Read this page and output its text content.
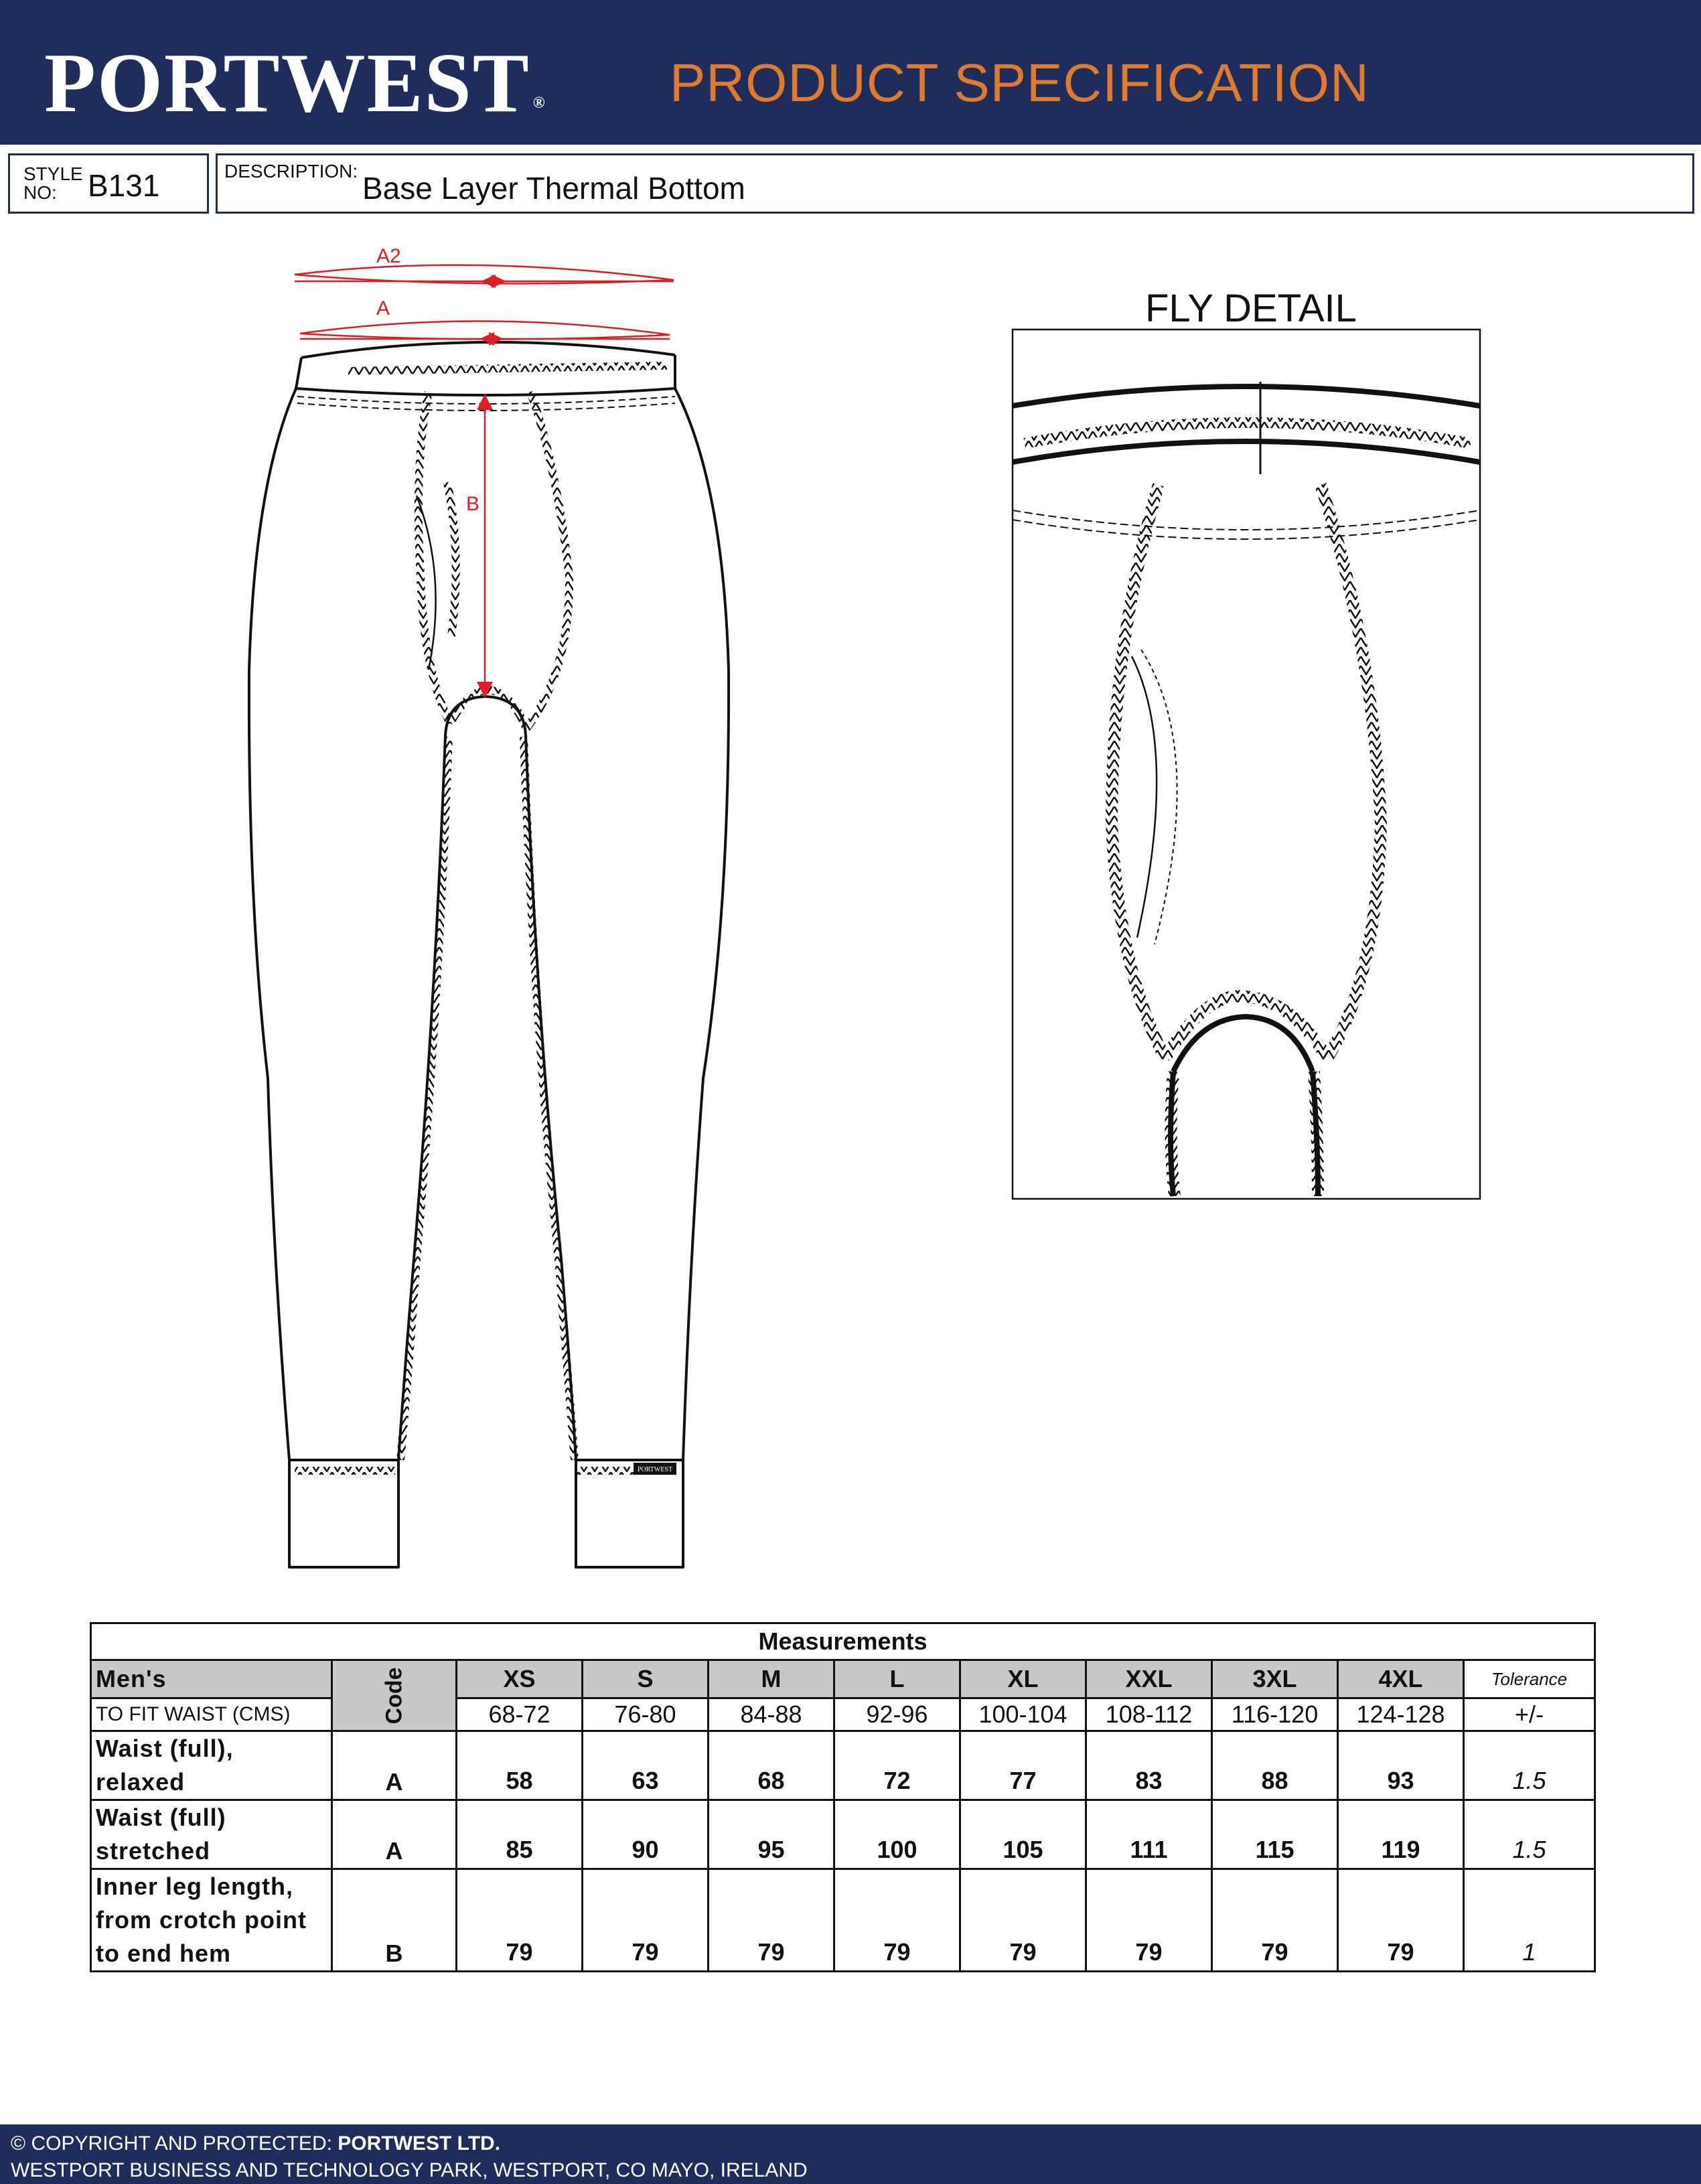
PORTWEST ® PRODUCT SPECIFICATION
STYLE
NO: B131	DESCRIPTION: Base Layer Thermal Bottom
PORTWEST
A2
A
B
FLY DETAIL
Measurements										
Men's	Code	XS	S	M	L	XL	XXL	3XL	4XL	Tolerance
TO FIT WAIST (CMS)		68-72	76-80	84-88	92-96	100-104	108-112	116-120	124-128	+/-

Waist (full),
relaxed	A	58	63	68	72	77	83	88	93	1.5

Waist (full)
stretched	A	85	90	95	100	105	111	115	119	1.5

Inner leg length,
from crotch point
to end hem	B	79	79	79	79	79	79	79	79	1
© COPYRIGHT AND PROTECTED: PORTWEST LTD.
WESTPORT BUSINESS AND TECHNOLOGY PARK, WESTPORT, CO MAYO, IRELAND
